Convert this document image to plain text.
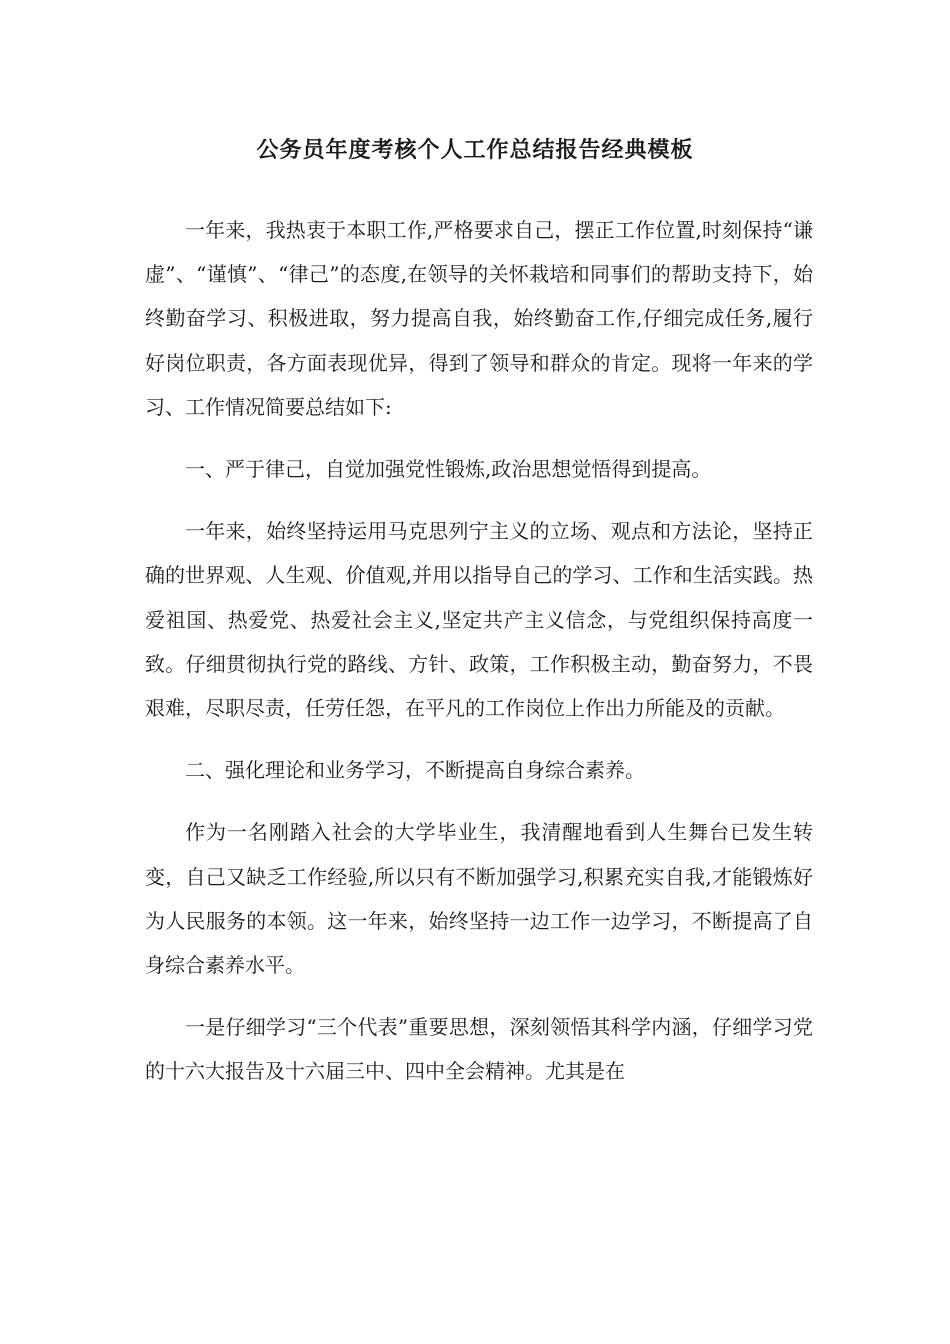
公务员年度考核个人工作总结报告经典模板

一年来，我热衷于本职工作,严格要求自己，摆正工作位置,时刻保持“谦虚”、“谨慎”、“律己”的态度,在领导的关怀栽培和同事们的帮助支持下，始终勤奋学习、积极进取，努力提高自我，始终勤奋工作,仔细完成任务,履行好岗位职责，各方面表现优异，得到了领导和群众的肯定。现将一年来的学习、工作情况简要总结如下:

一、严于律己，自觉加强党性锻炼,政治思想觉悟得到提高。

一年来，始终坚持运用马克思列宁主义的立场、观点和方法论，坚持正确的世界观、人生观、价值观,并用以指导自己的学习、工作和生活实践。热爱祖国、热爱党、热爱社会主义,坚定共产主义信念，与党组织保持高度一致。仔细贯彻执行党的路线、方针、政策，工作积极主动，勤奋努力，不畏艰难，尽职尽责，任劳任怨，在平凡的工作岗位上作出力所能及的贡献。

二、强化理论和业务学习，不断提高自身综合素养。

作为一名刚踏入社会的大学毕业生，我清醒地看到人生舞台已发生转变，自己又缺乏工作经验,所以只有不断加强学习,积累充实自我,才能锻炼好为人民服务的本领。这一年来，始终坚持一边工作一边学习，不断提高了自身综合素养水平。

一是仔细学习“三个代表”重要思想，深刻领悟其科学内涵，仔细学习党的十六大报告及十六届三中、四中全会精神。尤其是在
